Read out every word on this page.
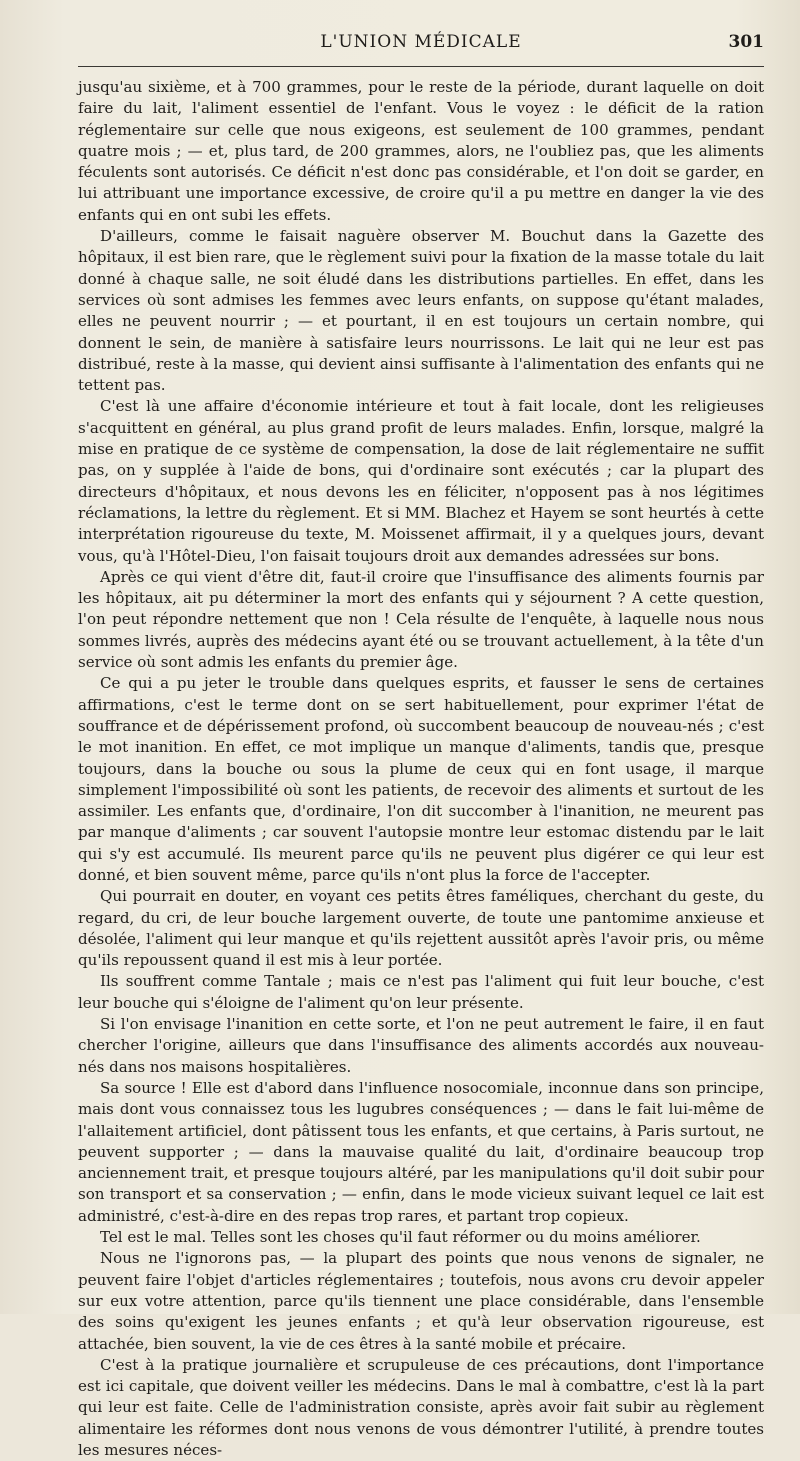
L'UNION MÉDICALE	301

jusqu'au sixième, et à 700 grammes, pour le reste de la période, durant laquelle on doit faire du lait, l'aliment essentiel de l'enfant. Vous le voyez : le déficit de la ration réglementaire sur celle que nous exigeons, est seulement de 100 grammes, pendant quatre mois ; — et, plus tard, de 200 grammes, alors, ne l'oubliez pas, que les aliments féculents sont autorisés. Ce déficit n'est donc pas considérable, et l'on doit se garder, en lui attribuant une importance excessive, de croire qu'il a pu mettre en danger la vie des enfants qui en ont subi les effets.

D'ailleurs, comme le faisait naguère observer M. Bouchut dans la Gazette des hôpitaux, il est bien rare, que le règlement suivi pour la fixation de la masse totale du lait donné à chaque salle, ne soit éludé dans les distributions partielles. En effet, dans les services où sont admises les femmes avec leurs enfants, on suppose qu'étant malades, elles ne peuvent nourrir ; — et pourtant, il en est toujours un certain nombre, qui donnent le sein, de manière à satisfaire leurs nourrissons. Le lait qui ne leur est pas distribué, reste à la masse, qui devient ainsi suffisante à l'alimentation des enfants qui ne tettent pas.

C'est là une affaire d'économie intérieure et tout à fait locale, dont les religieuses s'acquittent en général, au plus grand profit de leurs malades. Enfin, lorsque, malgré la mise en pratique de ce système de compensation, la dose de lait réglementaire ne suffit pas, on y supplée à l'aide de bons, qui d'ordinaire sont exécutés ; car la plupart des directeurs d'hôpitaux, et nous devons les en féliciter, n'opposent pas à nos légitimes réclamations, la lettre du règlement. Et si MM. Blachez et Hayem se sont heurtés à cette interprétation rigoureuse du texte, M. Moissenet affirmait, il y a quelques jours, devant vous, qu'à l'Hôtel-Dieu, l'on faisait toujours droit aux demandes adressées sur bons.

Après ce qui vient d'être dit, faut-il croire que l'insuffisance des aliments fournis par les hôpitaux, ait pu déterminer la mort des enfants qui y séjournent ? A cette question, l'on peut répondre nettement que non ! Cela résulte de l'enquête, à laquelle nous nous sommes livrés, auprès des médecins ayant été ou se trouvant actuellement, à la tête d'un service où sont admis les enfants du premier âge.

Ce qui a pu jeter le trouble dans quelques esprits, et fausser le sens de certaines affirmations, c'est le terme dont on se sert habituellement, pour exprimer l'état de souffrance et de dépérissement profond, où succombent beaucoup de nouveau-nés ; c'est le mot inanition. En effet, ce mot implique un manque d'aliments, tandis que, presque toujours, dans la bouche ou sous la plume de ceux qui en font usage, il marque simplement l'impossibilité où sont les patients, de recevoir des aliments et surtout de les assimiler. Les enfants que, d'ordinaire, l'on dit succomber à l'inanition, ne meurent pas par manque d'aliments ; car souvent l'autopsie montre leur estomac distendu par le lait qui s'y est accumulé. Ils meurent parce qu'ils ne peuvent plus digérer ce qui leur est donné, et bien souvent même, parce qu'ils n'ont plus la force de l'accepter.

Qui pourrait en douter, en voyant ces petits êtres faméliques, cherchant du geste, du regard, du cri, de leur bouche largement ouverte, de toute une pantomime anxieuse et désolée, l'aliment qui leur manque et qu'ils rejettent aussitôt après l'avoir pris, ou même qu'ils repoussent quand il est mis à leur portée.

Ils souffrent comme Tantale ; mais ce n'est pas l'aliment qui fuit leur bouche, c'est leur bouche qui s'éloigne de l'aliment qu'on leur présente.

Si l'on envisage l'inanition en cette sorte, et l'on ne peut autrement le faire, il en faut chercher l'origine, ailleurs que dans l'insuffisance des aliments accordés aux nouveau-nés dans nos maisons hospitalières.

Sa source ! Elle est d'abord dans l'influence nosocomiale, inconnue dans son principe, mais dont vous connaissez tous les lugubres conséquences ; — dans le fait lui-même de l'allaitement artificiel, dont pâtissent tous les enfants, et que certains, à Paris surtout, ne peuvent supporter ; — dans la mauvaise qualité du lait, d'ordinaire beaucoup trop anciennement trait, et presque toujours altéré, par les manipulations qu'il doit subir pour son transport et sa conservation ; — enfin, dans le mode vicieux suivant lequel ce lait est administré, c'est-à-dire en des repas trop rares, et partant trop copieux.

Tel est le mal. Telles sont les choses qu'il faut réformer ou du moins améliorer.

Nous ne l'ignorons pas, — la plupart des points que nous venons de signaler, ne peuvent faire l'objet d'articles réglementaires ; toutefois, nous avons cru devoir appeler sur eux votre attention, parce qu'ils tiennent une place considérable, dans l'ensemble des soins qu'exigent les jeunes enfants ; et qu'à leur observation rigoureuse, est attachée, bien souvent, la vie de ces êtres à la santé mobile et précaire.

C'est à la pratique journalière et scrupuleuse de ces précautions, dont l'importance est ici capitale, que doivent veiller les médecins. Dans le mal à combattre, c'est là la part qui leur est faite. Celle de l'administration consiste, après avoir fait subir au règlement alimentaire les réformes dont nous venons de vous démontrer l'utilité, à prendre toutes les mesures néces-
